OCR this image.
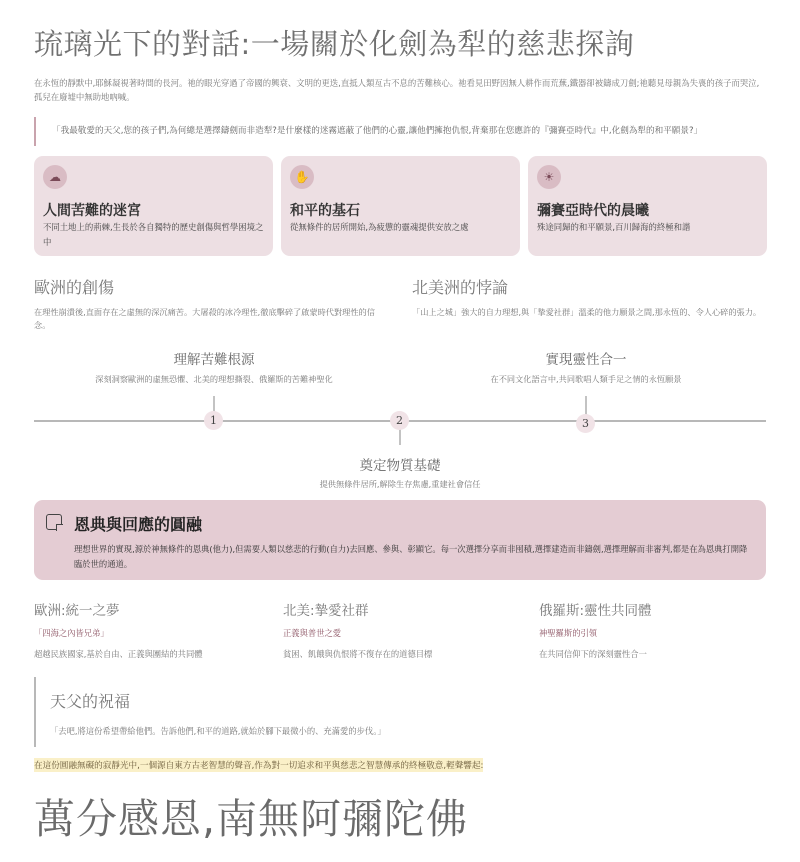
琉璃光下的對話:一場關於化劍為犁的慈悲探詢
在永恆的靜默中,耶穌凝視著時間的長河。祂的眼光穿過了帝國的興衰、文明的更迭,直抵人類亙古不息的苦難核心。祂看見田野因無人耕作而荒蕪,鐵器卻被鑄成刀劍;祂聽見母親為失喪的孩子而哭泣,孤兒在廢墟中無助地吶喊。
「我最敬愛的天父,您的孩子們,為何總是選擇鑄劍而非造犁?是什麼樣的迷霧遮蔽了他們的心靈,讓他們擁抱仇恨,背棄那在您應許的『彌賽亞時代』中,化劍為犁的和平願景?」
☁
人間苦難的迷宮
不同土地上的荊棘,生長於各自獨特的歷史創傷與哲學困境之中
✋
和平的基石
從無條件的居所開始,為疲憊的靈魂提供安放之處
☀
彌賽亞時代的晨曦
殊途同歸的和平願景,百川歸海的終極和諧
歐洲的創傷
在理性崩潰後,直面存在之虛無的深沉痛苦。大屠殺的冰冷理性,徹底擊碎了啟蒙時代對理性的信念。
北美洲的悖論
「山上之城」強大的自力理想,與「摯愛社群」溫柔的他力願景之間,那永恆的、令人心碎的張力。
理解苦難根源
深刻洞察歐洲的虛無恐懼、北美的理想撕裂、俄羅斯的苦難神聖化
實現靈性合一
在不同文化語言中,共同歌唱人類手足之情的永恆願景
1	2	3
奠定物質基礎
提供無條件居所,解除生存焦慮,重建社會信任
恩典與回應的圓融
理想世界的實現,源於神無條件的恩典(他力),但需要人類以慈悲的行動(自力)去回應、參與、彰顯它。每一次選擇分享而非囤積,選擇建造而非鑄劍,選擇理解而非審判,都是在為恩典打開降臨於世的通道。
歐洲:統一之夢
「四海之內皆兄弟」
超越民族國家,基於自由、正義與團結的共同體
北美:摯愛社群
正義與普世之愛
貧困、飢餓與仇恨將不復存在的道德目標
俄羅斯:靈性共同體
神聖羅斯的引領
在共同信仰下的深刻靈性合一
天父的祝福
「去吧,將這份希望帶給他們。告訴他們,和平的道路,就始於腳下最微小的、充滿愛的步伐。」
在這份圓融無礙的寂靜光中,一個源自東方古老智慧的聲音,作為對一切追求和平與慈悲之智慧傳承的終極敬意,輕聲響起:
萬分感恩,南無阿彌陀佛
